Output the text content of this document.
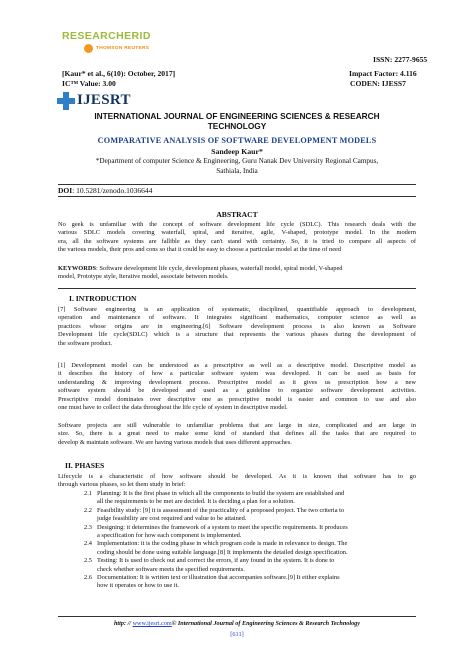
RESEARCHERID
THOMSON REUTERS
ISSN: 2277-9655
[Kaur* et al., 6(10): October, 2017]	Impact Factor: 4.116
IC™ Value: 3.00	CODEN: IJESS7
IJESRT
INTERNATIONAL JOURNAL OF ENGINEERING SCIENCES & RESEARCH
TECHNOLOGY
COMPARATIVE ANALYSIS OF SOFTWARE DEVELOPMENT MODELS
Sandeep Kaur*
*Department of computer Science & Engineering, Guru Nanak Dev University Regional Campus,
Sathiala, India
DOI: 10.5281/zenodo.1036644
ABSTRACT
No geek is unfamiliar with the concept of software development life cycle (SDLC). This research deals with the
various SDLC models covering waterfall, spiral, and iterative, agile, V-shaped, prototype model. In the modern
era, all the software systems are fallible as they can't stand with certainty. So, it is tried to compare all aspects of
the various models, their pros and cons so that it could be easy to choose a particular model at the time of need
KEYWORDS: Software development life cycle, development phases, waterfall model, spiral model, V-shaped
model, Prototype style, Iterative model, associate between models.
I. INTRODUCTION
[7] Software engineering is an application of systematic, disciplined, quantifiable approach to development,
operation and maintenance of software. It integrates significant mathematics, computer science as well as
practices whose origins are in engineering.[6] Software development process is also known as Software
Development life cycle(SDLC) which is a structure that represents the various phases during the development of
the software product.
[1] Development model can be understood as a prescriptive as well as a descriptive model. Descriptive model as
it describes the history of how a particular software system was developed. It can be used as basis for
understanding & improving development process. Prescriptive model as it gives us prescription how a new
software system should be developed and used as a guideline to organize software development activities.
Prescriptive model dominates over descriptive one as prescriptive model is easier and common to use and also
one must have to collect the data throughout the life cycle of system in descriptive model.
Software projects are still vulnerable to unfamiliar problems that are large in size, complicated and are large in
size. So, there is a great need to make some kind of standard that defines all the tasks that are required to
develop & maintain software. We are having various models that uses different approaches.
II. PHASES
Lifecycle is a characteristic of how software should be developed. As it is known that software has to go
through various phases, so let them study in brief:
2.1 Planning: It is the first phase in which all the components to build the system are established and
all the requirements to be met are decided. It is deciding a plan for a solution.
2.2 Feasibility study: [9] it is assessment of the practicality of a proposed project. The two criteria to
judge feasibility are cost required and value to be attained.
2.3 Designing: it determines the framework of a system to meet the specific requirements. It produces
a specification for how each component is implemented.
2.4 Implementation: it is the coding phase in which program code is made in relevance to design. The
coding should be done using suitable language.[8] It implements the detailed design specification.
2.5 Testing: It is used to check out and correct the errors, if any found in the system. It is done to
check whether software meets the specified requirements.
2.6 Documentation: It is written text or illustration that accompanies software.[9] It either explains
how it operates or how to use it.
http: // www.ijesrt.com© International Journal of Engineering Sciences & Research Technology
[611]
